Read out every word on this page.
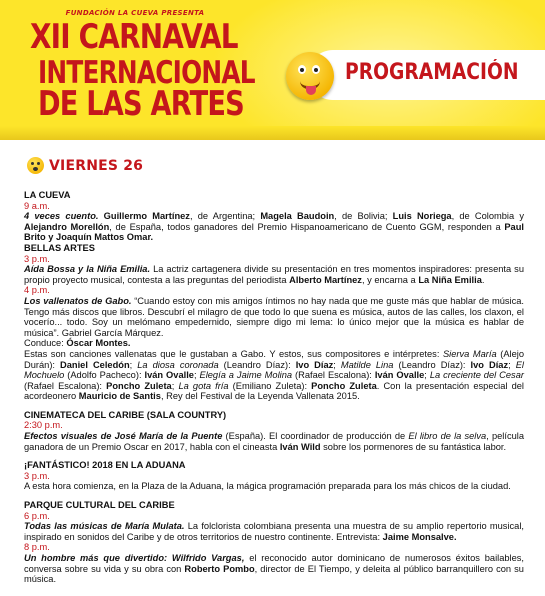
FUNDACIÓN LA CUEVA PRESENTA
XII CARNAVAL
INTERNACIONAL
DE LAS ARTES
PROGRAMACIÓN
VIERNES 26
LA CUEVA
9 a.m.

4 veces cuento. Guillermo Martínez, de Argentina; Magela Baudoin, de Bolivia; Luis Noriega, de Colombia y Alejandro Morellón, de España, todos ganadores del Premio Hispanoamericano de Cuento GGM, responden a Paul Brito y Joaquín Mattos Omar.

BELLAS ARTES
3 p.m.

Aída Bossa y la Niña Emilia. La actriz cartagenera divide su presentación en tres momentos inspiradores: presenta su propio proyecto musical, contesta a las preguntas del periodista Alberto Martínez, y encarna a La Niña Emilia.

4 p.m.

Los vallenatos de Gabo. “Cuando estoy con mis amigos íntimos no hay nada que me guste más que hablar de música. Tengo más discos que libros. Descubrí el milagro de que todo lo que suena es música, autos de las calles, los claxon, el vocerío... todo. Soy un melómano empedernido, siempre digo mi lema: lo único mejor que la música es hablar de música”. Gabriel García Márquez.

Conduce: Óscar Montes.

Estas son canciones vallenatas que le gustaban a Gabo. Y estos, sus compositores e intérpretes: Sierva María (Alejo Durán): Daniel Celedón; La diosa coronada (Leandro Díaz): Ivo Díaz; Matilde Lina (Leandro Díaz): Ivo Díaz; El Mochuelo (Adolfo Pacheco): Iván Ovalle; Elegía a Jaime Molina (Rafael Escalona): Iván Ovalle; La creciente del Cesar (Rafael Escalona): Poncho Zuleta; La gota fría (Emiliano Zuleta): Poncho Zuleta. Con la presentación especial del acordeonero Mauricio de Santis, Rey del Festival de la Leyenda Vallenata 2015.

CINEMATECA DEL CARIBE (SALA COUNTRY)
2:30 p.m.

Efectos visuales de José María de la Puente (España). El coordinador de producción de El libro de la selva, película ganadora de un Premio Oscar en 2017, habla con el cineasta Iván Wild sobre los pormenores de su fantástica labor.

¡FANTÁSTICO! 2018 EN LA ADUANA
3 p.m.

A esta hora comienza, en la Plaza de la Aduana, la mágica programación preparada para los más chicos de la ciudad.

PARQUE CULTURAL DEL CARIBE
6 p.m.

Todas las músicas de María Mulata. La folclorista colombiana presenta una muestra de su amplio repertorio musical, inspirado en sonidos del Caribe y de otros territorios de nuestro continente. Entrevista: Jaime Monsalve.

8 p.m.

Un hombre más que divertido: Wilfrido Vargas, el reconocido autor dominicano de numerosos éxitos bailables, conversa sobre su vida y su obra con Roberto Pombo, director de El Tiempo, y deleita al público barranquillero con su música.
